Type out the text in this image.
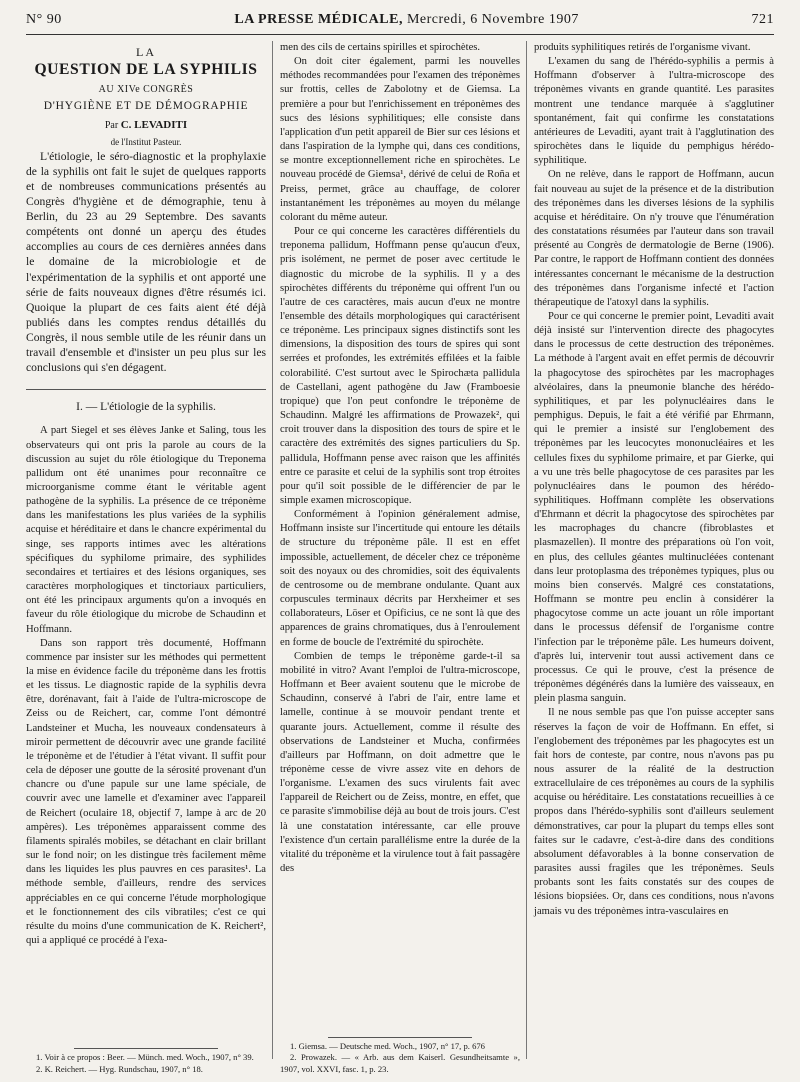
N° 90	LA PRESSE MÉDICALE, Mercredi, 6 Novembre 1907	721
LA
QUESTION DE LA SYPHILIS
AU XIVe CONGRÈS
D'HYGIÈNE ET DE DÉMOGRAPHIE
Par C. LEVADITI
de l'Institut Pasteur.

L'étiologie, le séro-diagnostic et la prophylaxie de la syphilis ont fait le sujet de quelques rapports et de nombreuses communications présentés au Congrès d'hygiène et de démographie, tenu à Berlin, du 23 au 29 Septembre. Des savants compétents ont donné un aperçu des études accomplies au cours de ces dernières années dans le domaine de la microbiologie et de l'expérimentation de la syphilis et ont apporté une série de faits nouveaux dignes d'être résumés ici. Quoique la plupart de ces faits aient été déjà publiés dans les comptes rendus détaillés du Congrès, il nous semble utile de les réunir dans un travail d'ensemble et d'insister un peu plus sur les conclusions qui s'en dégagent.

I. — L'étiologie de la syphilis.

A part Siegel et ses élèves Janke et Saling, tous les observateurs qui ont pris la parole au cours de la discussion au sujet du rôle étiologique du Treponema pallidum ont été unanimes pour reconnaître ce microorganisme comme étant le véritable agent pathogène de la syphilis. La présence de ce tréponème dans les manifestations les plus variées de la syphilis acquise et héréditaire et dans le chancre expérimental du singe, ses rapports intimes avec les altérations spécifiques du syphilome primaire, des syphilides secondaires et tertiaires et des lésions organiques, ses caractères morphologiques et tinctoriaux particuliers, ont été les principaux arguments qu'on a invoqués en faveur du rôle étiologique du microbe de Schaudinn et Hoffmann.

Dans son rapport très documenté, Hoffmann commence par insister sur les méthodes qui permettent la mise en évidence facile du tréponème dans les frottis et les tissus. Le diagnostic rapide de la syphilis devra être, dorénavant, fait à l'aide de l'ultra-microscope de Zeiss ou de Reichert, car, comme l'ont démontré Landsteiner et Mucha, les nouveaux condensateurs à miroir permettent de découvrir avec une grande facilité le tréponème et de l'étudier à l'état vivant. Il suffit pour cela de déposer une goutte de la sérosité provenant d'un chancre ou d'une papule sur une lame spéciale, de couvrir avec une lamelle et d'examiner avec l'appareil de Reichert (oculaire 18, objectif 7, lampe à arc de 20 ampères). Les tréponèmes apparaissent comme des filaments spiralés mobiles, se détachant en clair brillant sur le fond noir; on les distingue très facilement même dans les liquides les plus pauvres en ces parasites¹. La méthode semble, d'ailleurs, rendre des services appréciables en ce qui concerne l'étude morphologique et le fonctionnement des cils vibratiles; c'est ce qui résulte du moins d'une communication de K. Reichert², qui a appliqué ce procédé à l'exa-

1. Voir à ce propos : Beer. — Münch. med. Woch., 1907, n° 39.
2. K. Reichert. — Hyg. Rundschau, 1907, n° 18.

men des cils de certains spirilles et spirochètes.

On doit citer également, parmi les nouvelles méthodes recommandées pour l'examen des tréponèmes sur frottis, celles de Zabolotny et de Giemsa. La première a pour but l'enrichissement en tréponèmes des sucs des lésions syphilitiques; elle consiste dans l'application d'un petit appareil de Bier sur ces lésions et dans l'aspiration de la lymphe qui, dans ces conditions, se montre exceptionnellement riche en spirochètes. Le nouveau procédé de Giemsa¹, dérivé de celui de Roña et Preiss, permet, grâce au chauffage, de colorer instantanément les tréponèmes au moyen du mélange colorant du même auteur.

Pour ce qui concerne les caractères différentiels du treponema pallidum, Hoffmann pense qu'aucun d'eux, pris isolément, ne permet de poser avec certitude le diagnostic du microbe de la syphilis. Il y a des spirochètes différents du tréponème qui offrent l'un ou l'autre de ces caractères, mais aucun d'eux ne montre l'ensemble des détails morphologiques qui caractérisent ce tréponème. Les principaux signes distinctifs sont les dimensions, la disposition des tours de spires qui sont serrées et profondes, les extrémités effilées et la faible colorabilité. C'est surtout avec le Spirochæta pallidula de Castellani, agent pathogène du Jaw (Framboesie tropique) que l'on peut confondre le tréponème de Schaudinn. Malgré les affirmations de Prowazek², qui croit trouver dans la disposition des tours de spire et le caractère des extrémités des signes particuliers du Sp. pallidula, Hoffmann pense avec raison que les affinités entre ce parasite et celui de la syphilis sont trop étroites pour qu'il soit possible de le différencier de par le simple examen microscopique.

Conformément à l'opinion généralement admise, Hoffmann insiste sur l'incertitude qui entoure les détails de structure du tréponème pâle. Il est en effet impossible, actuellement, de déceler chez ce tréponème soit des noyaux ou des chromidies, soit des équivalents de centrosome ou de membrane ondulante. Quant aux corpuscules terminaux décrits par Herxheimer et ses collaborateurs, Löser et Opificius, ce ne sont là que des apparences de grains chromatiques, dus à l'enroulement en forme de boucle de l'extrémité du spirochète.

Combien de temps le tréponème garde-t-il sa mobilité in vitro? Avant l'emploi de l'ultra-microscope, Hoffmann et Beer avaient soutenu que le microbe de Schaudinn, conservé à l'abri de l'air, entre lame et lamelle, continue à se mouvoir pendant trente et quarante jours. Actuellement, comme il résulte des observations de Landsteiner et Mucha, confirmées d'ailleurs par Hoffmann, on doit admettre que le tréponème cesse de vivre assez vite en dehors de l'organisme. L'examen des sucs virulents fait avec l'appareil de Reichert ou de Zeiss, montre, en effet, que ce parasite s'immobilise déjà au bout de trois jours. C'est là une constatation intéressante, car elle prouve l'existence d'un certain parallélisme entre la durée de la vitalité du tréponème et la virulence tout à fait passagère des

1. Giemsa. — Deutsche med. Woch., 1907, n° 17, p. 676
2. Prowazek. — « Arb. aus dem Kaiserl. Gesundheitsamte », 1907, vol. XXVI, fasc. 1, p. 23.

produits syphilitiques retirés de l'organisme vivant.

L'examen du sang de l'hérédo-syphilis a permis à Hoffmann d'observer à l'ultra-microscope des tréponèmes vivants en grande quantité. Les parasites montrent une tendance marquée à s'agglutiner spontanément, fait qui confirme les constatations antérieures de Levaditi, ayant trait à l'agglutination des spirochètes dans le liquide du pemphigus hérédo-syphilitique.

On ne relève, dans le rapport de Hoffmann, aucun fait nouveau au sujet de la présence et de la distribution des tréponèmes dans les diverses lésions de la syphilis acquise et héréditaire. On n'y trouve que l'énumération des constatations résumées par l'auteur dans son travail présenté au Congrès de dermatologie de Berne (1906). Par contre, le rapport de Hoffmann contient des données intéressantes concernant le mécanisme de la destruction des tréponèmes dans l'organisme infecté et l'action thérapeutique de l'atoxyl dans la syphilis.

Pour ce qui concerne le premier point, Levaditi avait déjà insisté sur l'intervention directe des phagocytes dans le processus de cette destruction des tréponèmes. La méthode à l'argent avait en effet permis de découvrir la phagocytose des spirochètes par les macrophages alvéolaires, dans la pneumonie blanche des hérédo-syphilitiques, et par les polynucléaires dans le pemphigus. Depuis, le fait a été vérifié par Ehrmann, qui le premier a insisté sur l'englobement des tréponèmes par les leucocytes mononucléaires et les cellules fixes du syphilome primaire, et par Gierke, qui a vu une très belle phagocytose de ces parasites par les polynucléaires dans le poumon des hérédo-syphilitiques. Hoffmann complète les observations d'Ehrmann et décrit la phagocytose des spirochètes par les macrophages du chancre (fibroblastes et plasmazellen). Il montre des préparations où l'on voit, en plus, des cellules géantes multinucléées contenant dans leur protoplasma des tréponèmes typiques, plus ou moins bien conservés. Malgré ces constatations, Hoffmann se montre peu enclin à considérer la phagocytose comme un acte jouant un rôle important dans le processus défensif de l'organisme contre l'infection par le tréponème pâle. Les humeurs doivent, d'après lui, intervenir tout aussi activement dans ce processus. Ce qui le prouve, c'est la présence de tréponèmes dégénérés dans la lumière des vaisseaux, en plein plasma sanguin.

Il ne nous semble pas que l'on puisse accepter sans réserves la façon de voir de Hoffmann. En effet, si l'englobement des tréponèmes par les phagocytes est un fait hors de conteste, par contre, nous n'avons pas pu nous assurer de la réalité de la destruction extracellulaire de ces tréponèmes au cours de la syphilis acquise ou héréditaire. Les constatations recueillies à ce propos dans l'hérédo-syphilis sont d'ailleurs seulement démonstratives, car pour la plupart du temps elles sont faites sur le cadavre, c'est-à-dire dans des conditions absolument défavorables à la bonne conservation de parasites aussi fragiles que les tréponèmes. Seuls probants sont les faits constatés sur des coupes de lésions biopsiées. Or, dans ces conditions, nous n'avons jamais vu des tréponèmes intra-vasculaires en
